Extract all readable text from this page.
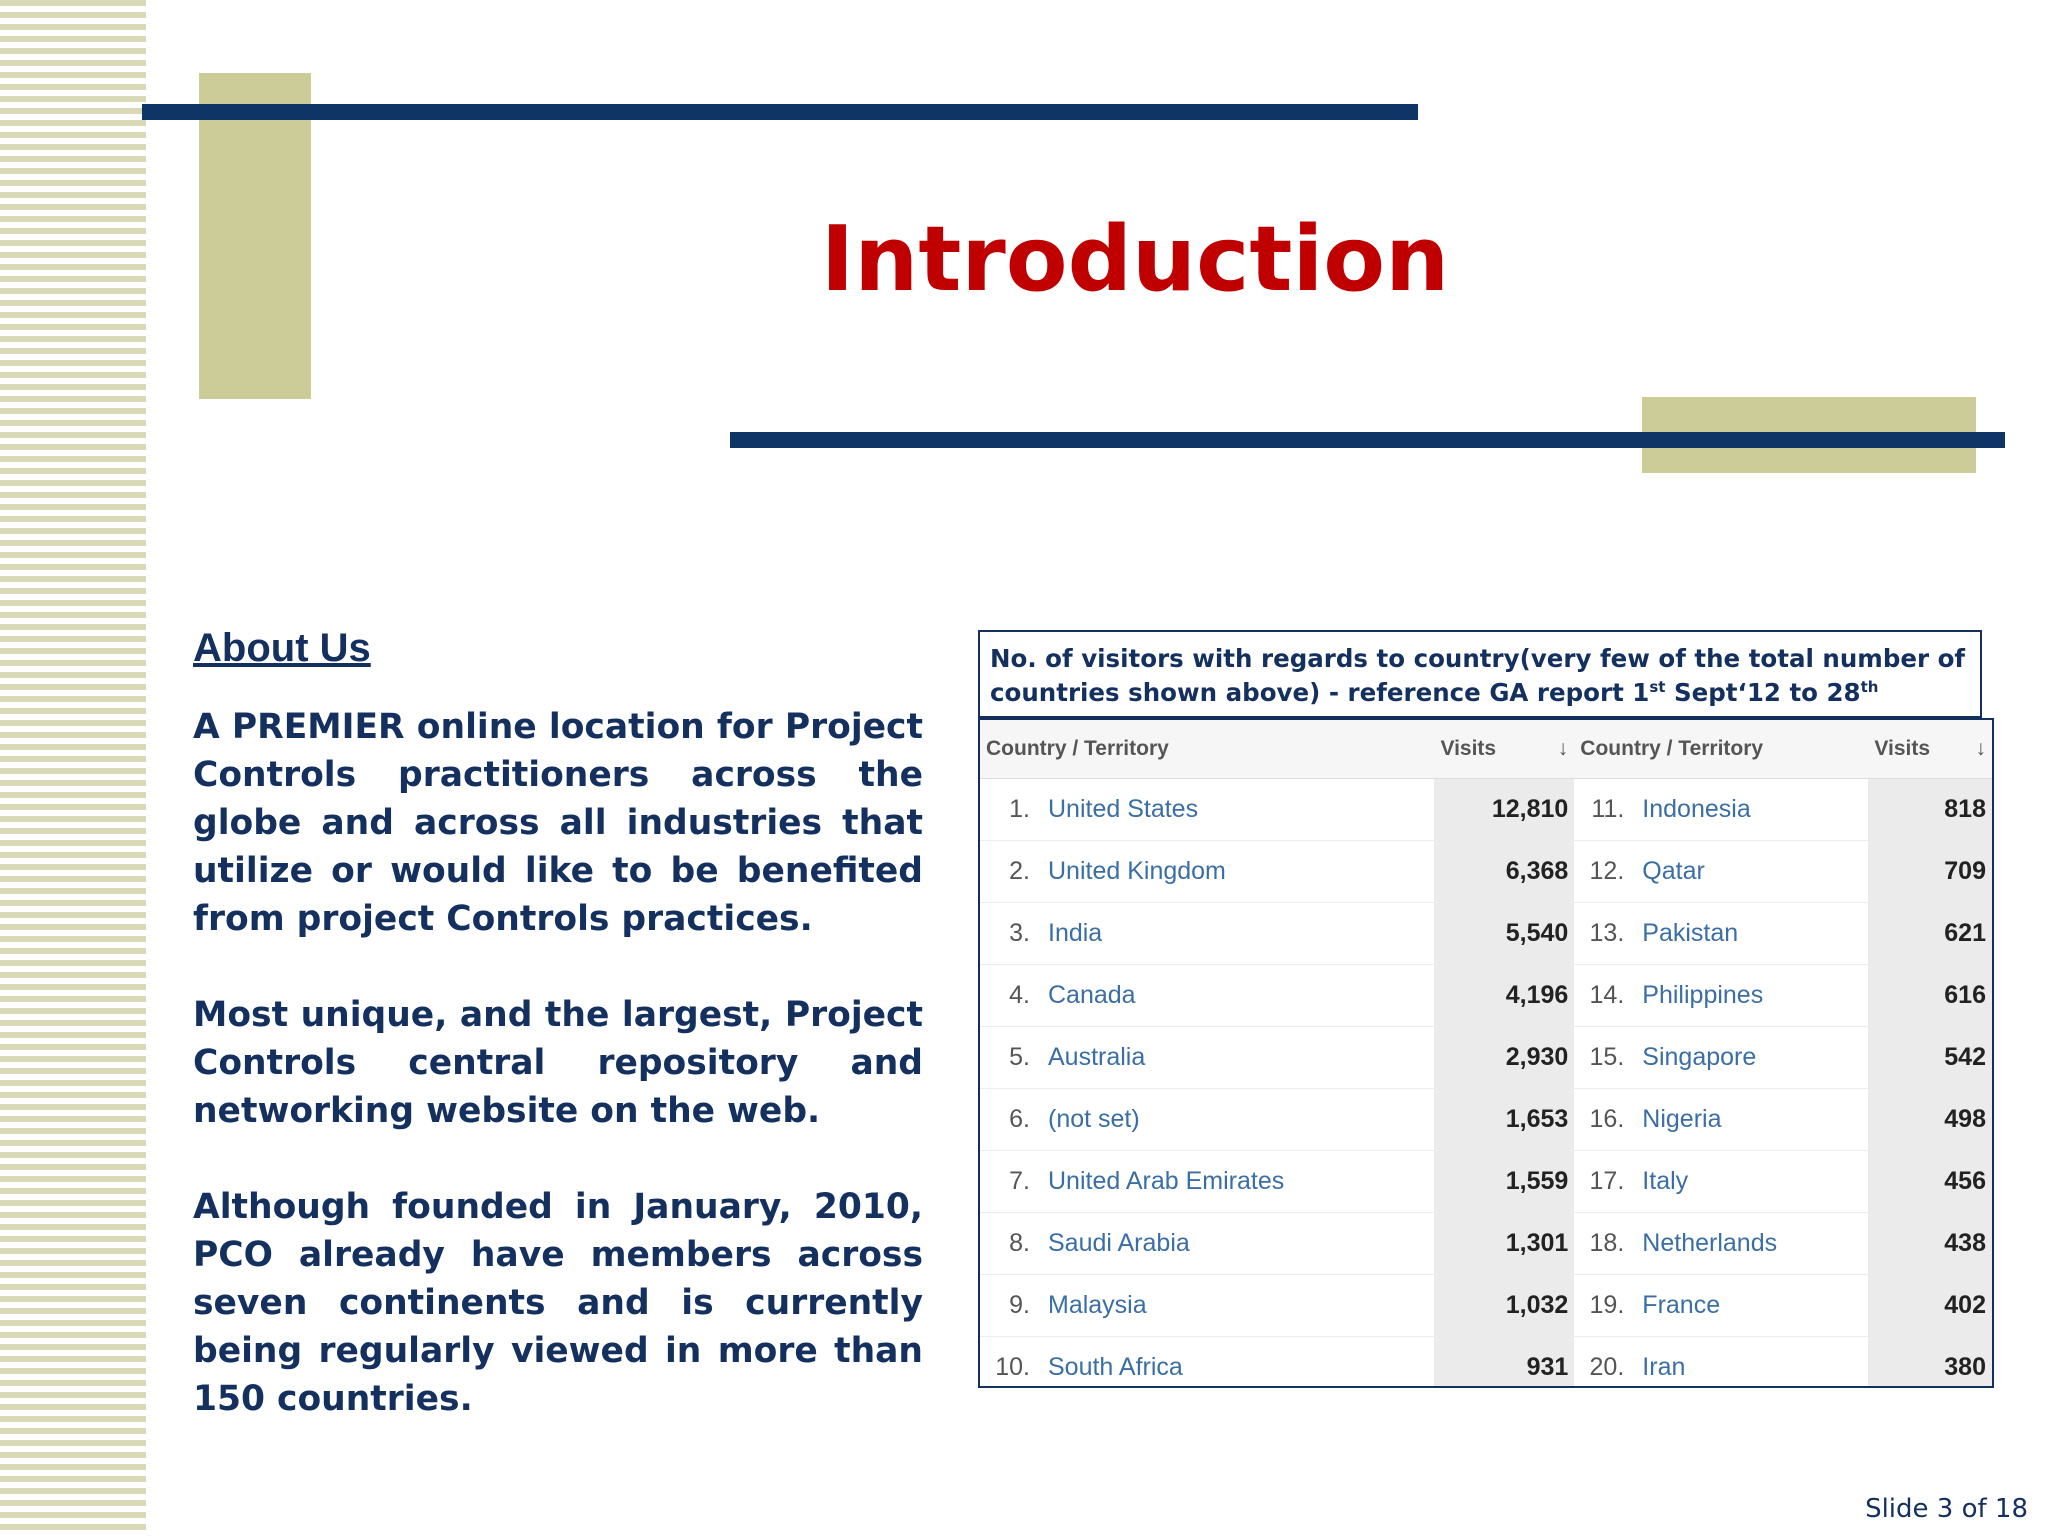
Introduction
About Us
A PREMIER online location for Project Controls practitioners across the globe and across all industries that utilize or would like to be benefited from project Controls practices.
Most unique, and the largest, Project Controls central repository and networking website on the web.
Although founded in January, 2010, PCO already have members across seven continents and is currently being regularly viewed in more than 150 countries.
No. of visitors with regards to country(very few of the total number of countries shown above) - reference GA report 1st Sept‘12 to 28th
Country / Territory		Visits ↓	Country / Territory		Visits ↓

1.	United States	12,810	11.	Indonesia	818
2.	United Kingdom	6,368	12.	Qatar	709
3.	India	5,540	13.	Pakistan	621
4.	Canada	4,196	14.	Philippines	616
5.	Australia	2,930	15.	Singapore	542
6.	(not set)	1,653	16.	Nigeria	498
7.	United Arab Emirates	1,559	17.	Italy	456
8.	Saudi Arabia	1,301	18.	Netherlands	438
9.	Malaysia	1,032	19.	France	402
10.	South Africa	931	20.	Iran	380
Slide 3 of 18
